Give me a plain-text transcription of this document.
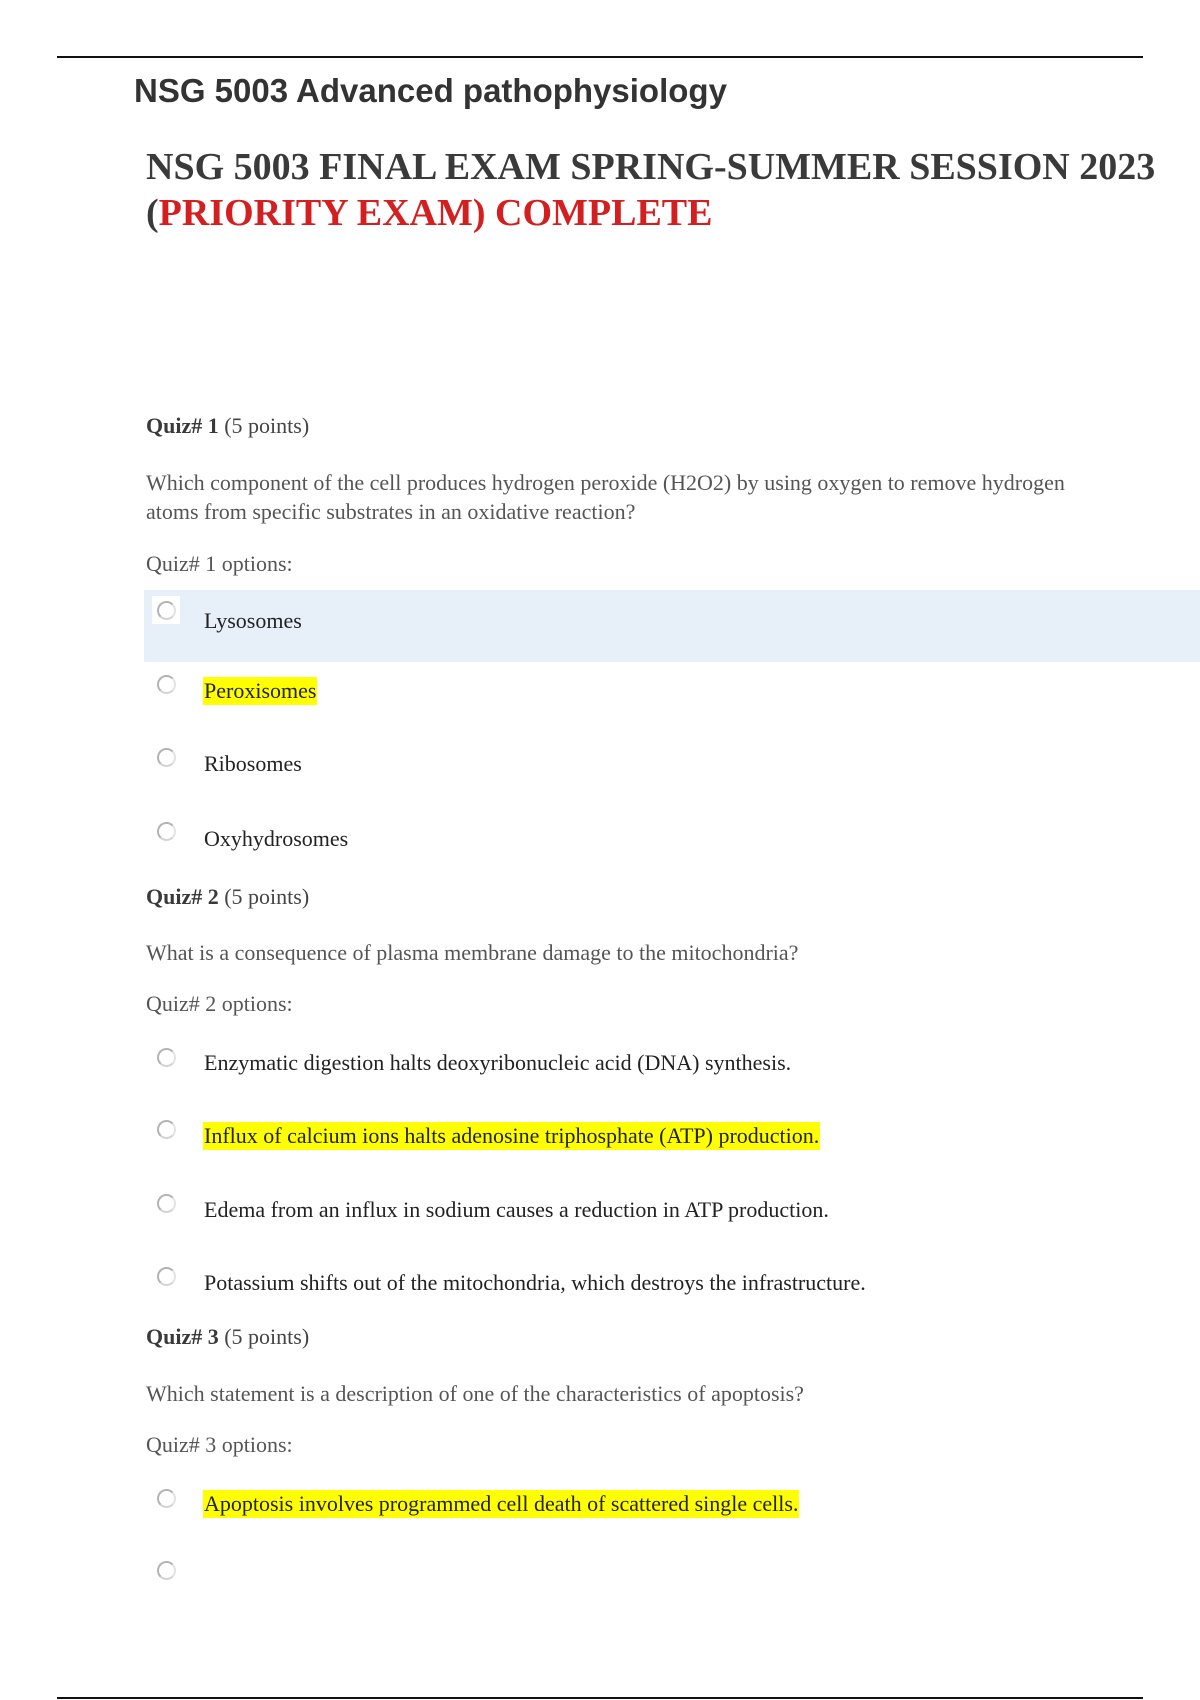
NSG 5003 Advanced pathophysiology
NSG 5003 FINAL EXAM SPRING-SUMMER SESSION 2023
(PRIORITY EXAM) COMPLETE
Quiz# 1 (5 points)
Which component of the cell produces hydrogen peroxide (H2O2) by using oxygen to remove hydrogen atoms from specific substrates in an oxidative reaction?
Quiz# 1 options:
Lysosomes
Peroxisomes
Ribosomes
Oxyhydrosomes
Quiz# 2 (5 points)
What is a consequence of plasma membrane damage to the mitochondria?
Quiz# 2 options:
Enzymatic digestion halts deoxyribonucleic acid (DNA) synthesis.
Influx of calcium ions halts adenosine triphosphate (ATP) production.
Edema from an influx in sodium causes a reduction in ATP production.
Potassium shifts out of the mitochondria, which destroys the infrastructure.
Quiz# 3 (5 points)
Which statement is a description of one of the characteristics of apoptosis?
Quiz# 3 options:
Apoptosis involves programmed cell death of scattered single cells.
